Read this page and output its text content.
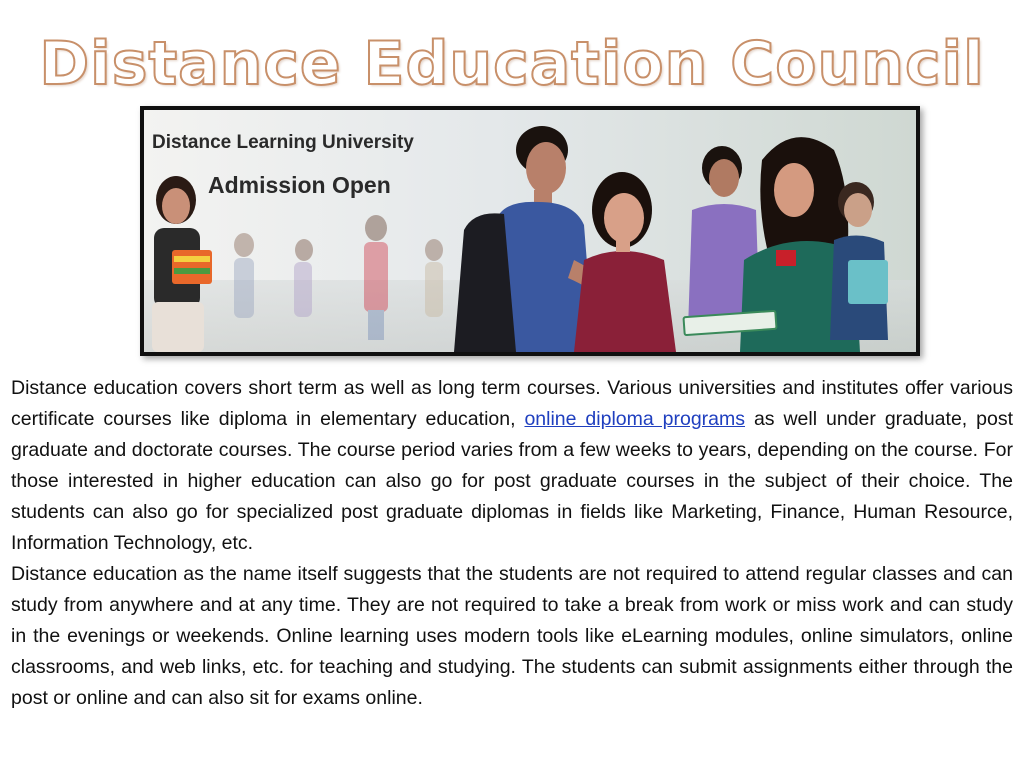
Distance Education Council
Distance Learning University
Admission Open

Distance education covers short term as well as long term courses. Various universities and institutes offer various certificate courses like diploma in elementary education, online diploma programs as well under graduate, post graduate and doctorate courses. The course period varies from a few weeks to years, depending on the course. For those interested in higher education can also go for post graduate courses in the subject of their choice. The students can also go for specialized post graduate diplomas in fields like Marketing, Finance, Human Resource, Information Technology, etc.

Distance education as the name itself suggests that the students are not required to attend regular classes and can study from anywhere and at any time. They are not required to take a break from work or miss work and can study in the evenings or weekends. Online learning uses modern tools like eLearning modules, online simulators, online classrooms, and web links, etc. for teaching and studying. The students can submit assignments either through the post or online and can also sit for exams online.
